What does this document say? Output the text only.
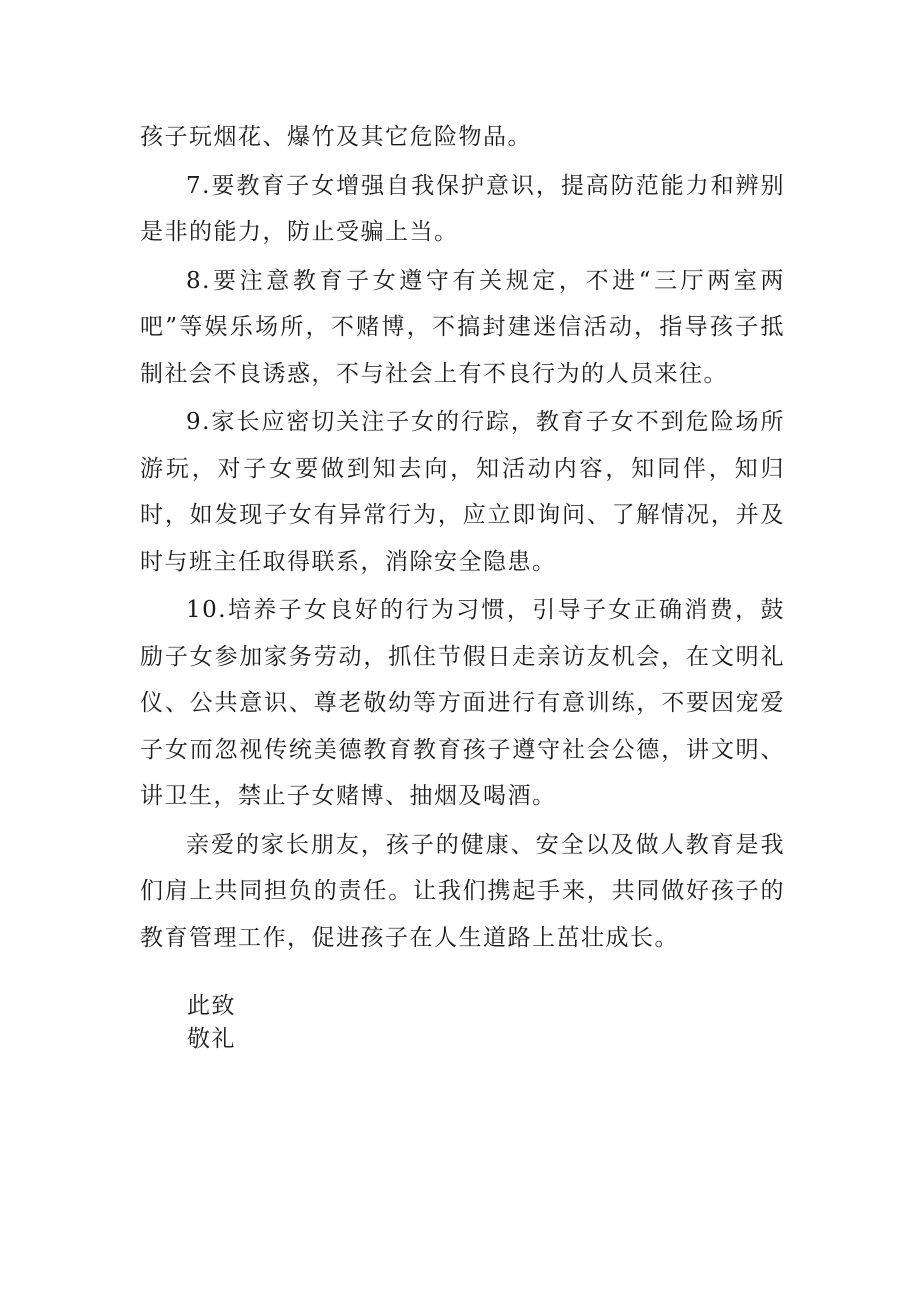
孩子玩烟花、爆竹及其它危险物品。

7.要教育子女增强自我保护意识，提高防范能力和辨别是非的能力，防止受骗上当。

8.要注意教育子女遵守有关规定，不进“三厅两室两吧”等娱乐场所，不赌博，不搞封建迷信活动，指导孩子抵制社会不良诱惑，不与社会上有不良行为的人员来往。

9.家长应密切关注子女的行踪，教育子女不到危险场所游玩，对子女要做到知去向，知活动内容，知同伴，知归时，如发现子女有异常行为，应立即询问、了解情况，并及时与班主任取得联系，消除安全隐患。

10.培养子女良好的行为习惯，引导子女正确消费，鼓励子女参加家务劳动，抓住节假日走亲访友机会，在文明礼仪、公共意识、尊老敬幼等方面进行有意训练，不要因宠爱子女而忽视传统美德教育教育孩子遵守社会公德，讲文明、讲卫生，禁止子女赌博、抽烟及喝酒。

亲爱的家长朋友，孩子的健康、安全以及做人教育是我们肩上共同担负的责任。让我们携起手来，共同做好孩子的教育管理工作，促进孩子在人生道路上茁壮成长。

此致
敬礼
